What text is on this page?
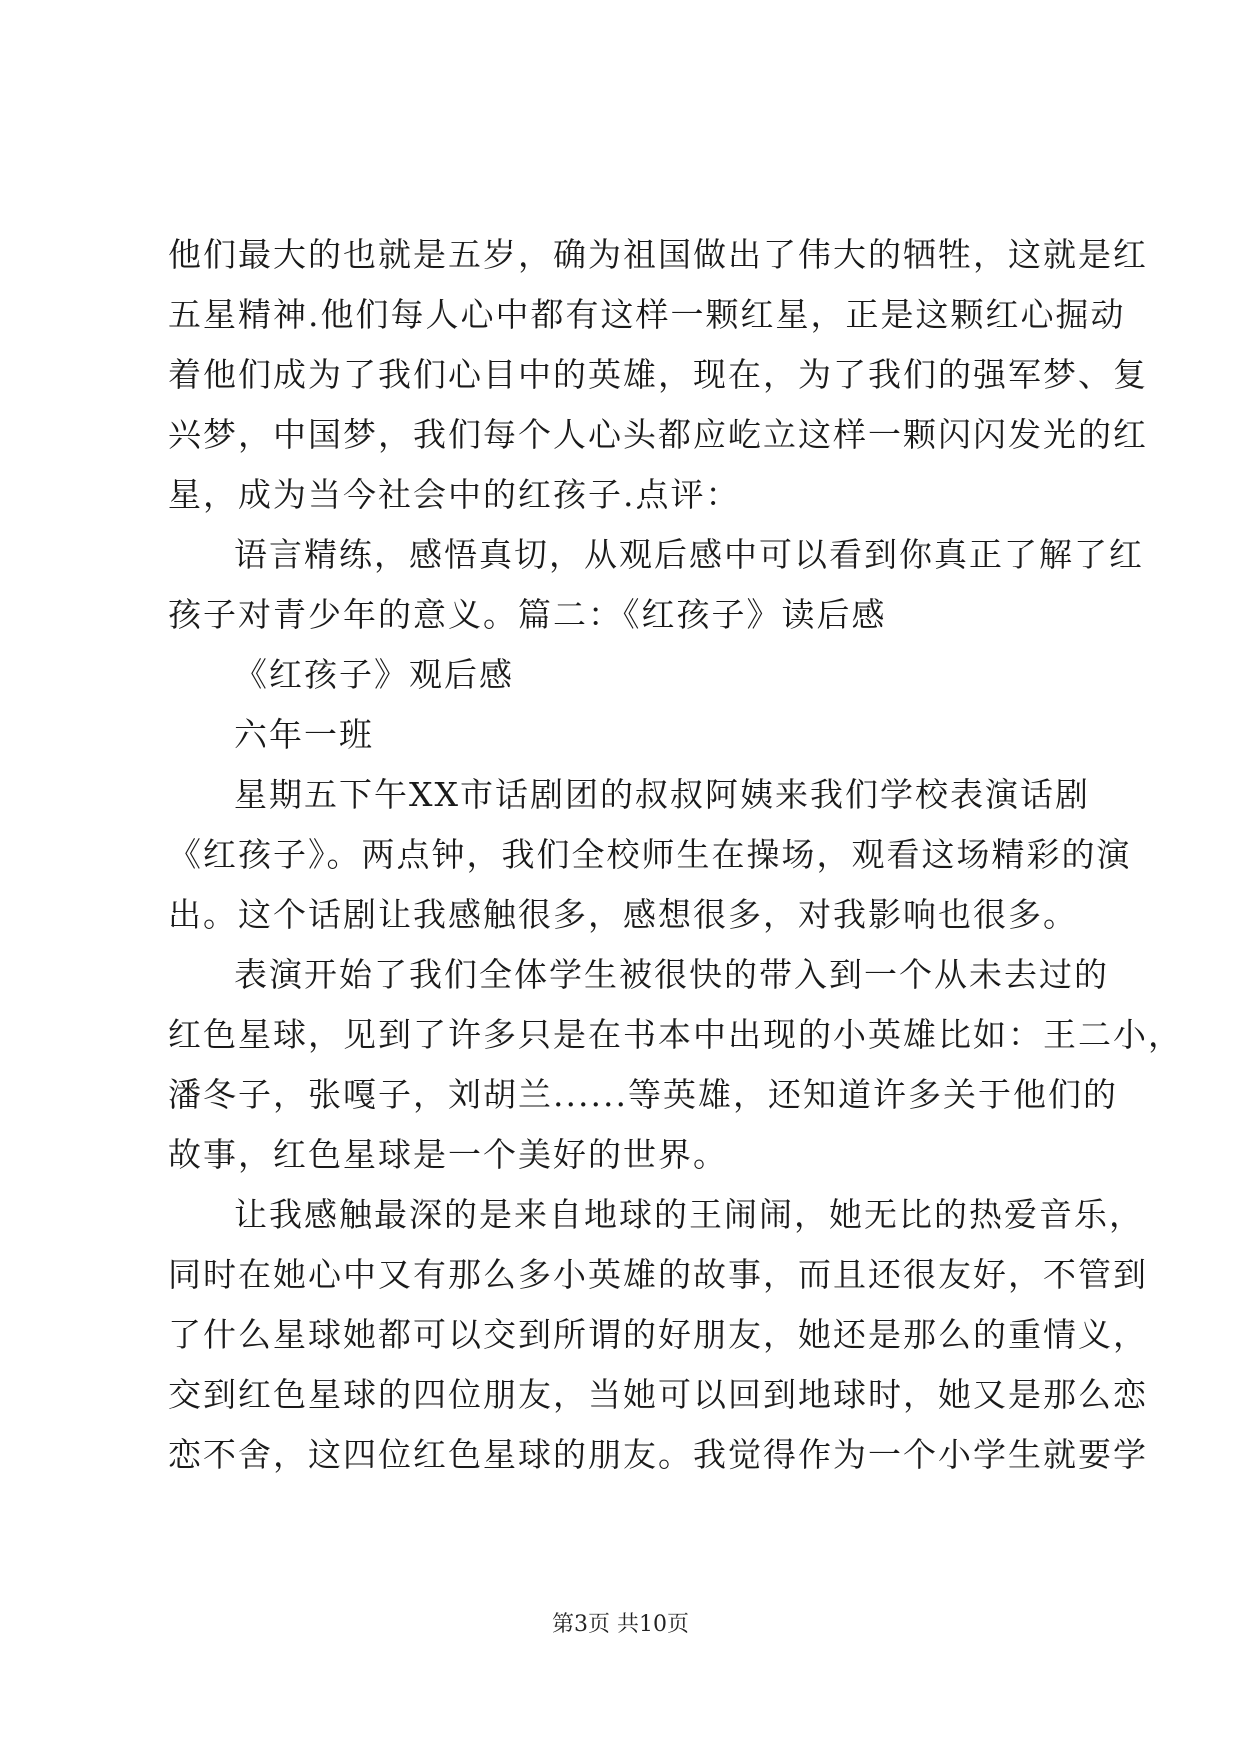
他们最大的也就是五岁，确为祖国做出了伟大的牺牲，这就是红
五星精神.他们每人心中都有这样一颗红星，正是这颗红心掘动
着他们成为了我们心目中的英雄，现在，为了我们的强军梦、复
兴梦，中国梦，我们每个人心头都应屹立这样一颗闪闪发光的红
星，成为当今社会中的红孩子.点评：
语言精练，感悟真切，从观后感中可以看到你真正了解了红
孩子对青少年的意义。篇二：《红孩子》读后感
《红孩子》观后感
六年一班
星期五下午XX市话剧团的叔叔阿姨来我们学校表演话剧
《红孩子》。两点钟，我们全校师生在操场，观看这场精彩的演
出。这个话剧让我感触很多，感想很多，对我影响也很多。
表演开始了我们全体学生被很快的带入到一个从未去过的
红色星球，见到了许多只是在书本中出现的小英雄比如：王二小，
潘冬子，张嘎子，刘胡兰......等英雄，还知道许多关于他们的
故事，红色星球是一个美好的世界。
让我感触最深的是来自地球的王闹闹，她无比的热爱音乐，
同时在她心中又有那么多小英雄的故事，而且还很友好，不管到
了什么星球她都可以交到所谓的好朋友，她还是那么的重情义，
交到红色星球的四位朋友，当她可以回到地球时，她又是那么恋
恋不舍，这四位红色星球的朋友。我觉得作为一个小学生就要学
第3页 共10页
